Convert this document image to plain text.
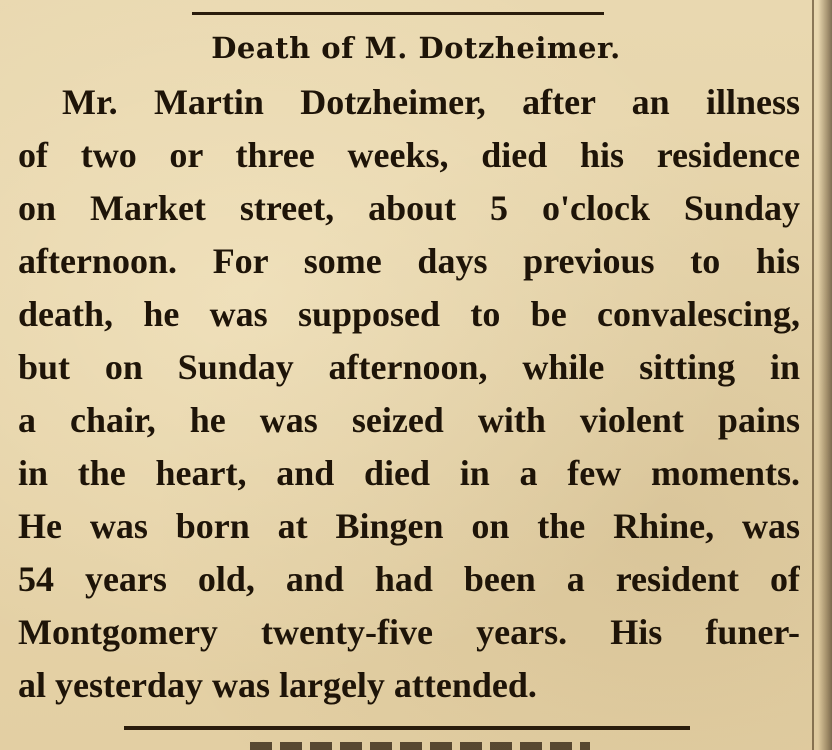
Death of M. Dotzheimer.
Mr. Martin Dotzheimer, after an illness
of two or three weeks, died his residence
on Market street, about 5 o'clock Sunday
afternoon. For some days previous to his
death, he was supposed to be convalescing,
but on Sunday afternoon, while sitting in
a chair, he was seized with violent pains
in the heart, and died in a few moments.
He was born at Bingen on the Rhine, was
54 years old, and had been a resident of
Montgomery twenty-five years. His funer-
al yesterday was largely attended.
